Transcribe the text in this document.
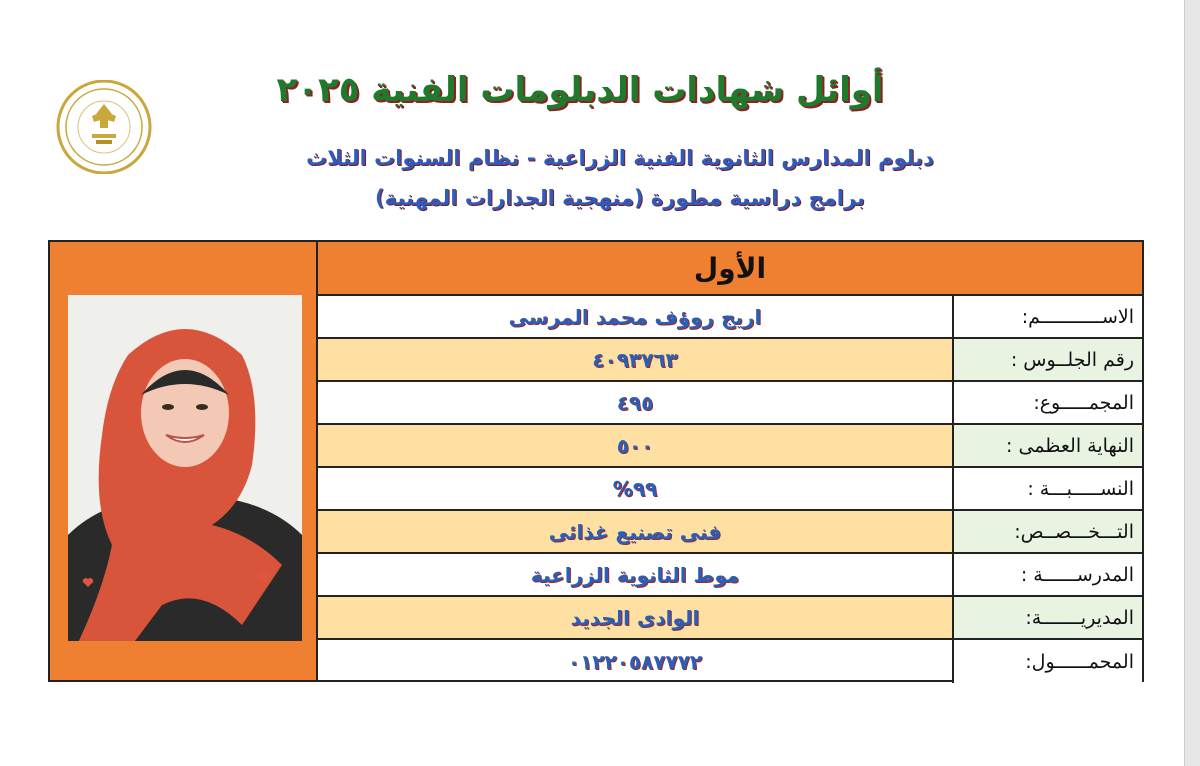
أوائل شهادات الدبلومات الفنية ٢٠٢٥
دبلوم المدارس الثانوية الفنية الزراعية - نظام السنوات الثلاث
برامج دراسية مطورة (منهجية الجدارات المهنية)
الأول
اريج روؤف محمد المرسى	الاســـــــــــم:
٤٠٩٣٧٦٣	رقم الجلــوس :
٤٩٥	المجمـــــوع:
٥٠٠	النهاية العظمى :
٩٩%	النســـــبـــة :
فنى تصنيع غذائى	التـــخـــصــص:
موط الثانوية الزراعية	المدرســــــة :
الوادى الجديد	المديريـــــــة:
٠١٢٢٠٥٨٧٧٧٢	المحمــــــول:
